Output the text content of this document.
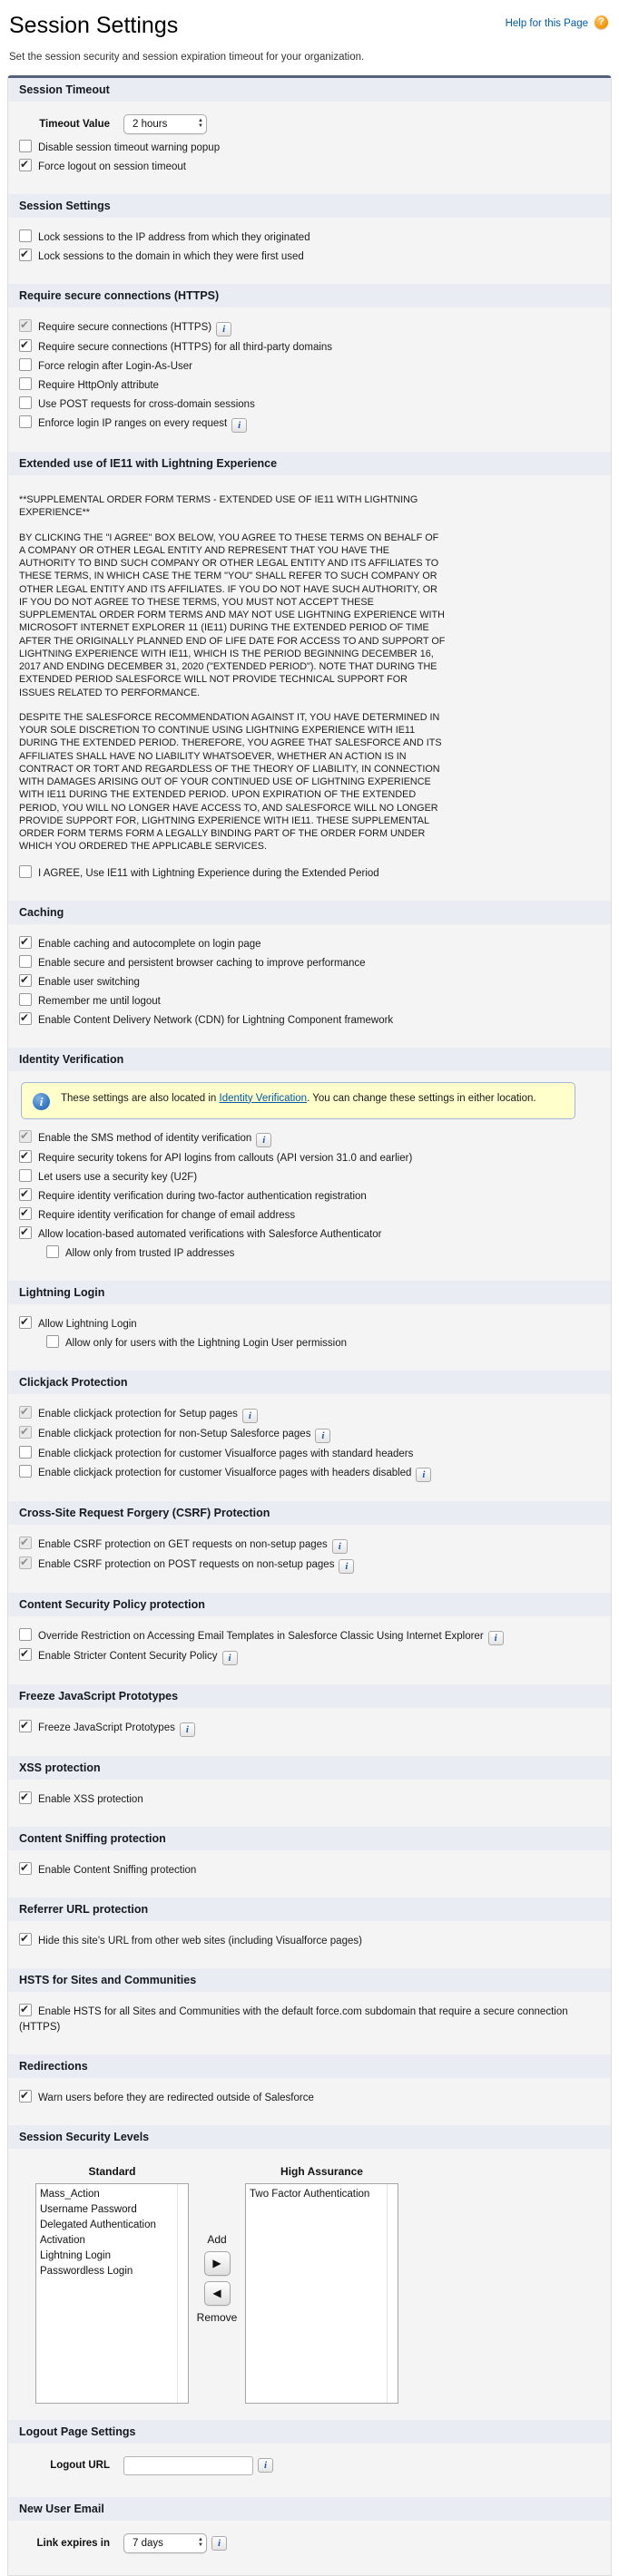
Session Settings	Help for this Page	?
Set the session security and session expiration timeout for your organization.
Session Timeout
Timeout Value 2 hours	▲
▼
Disable session timeout warning popup
✔Force logout on session timeout
Session Settings
Lock sessions to the IP address from which they originated
✔Lock sessions to the domain in which they were first used
Require secure connections (HTTPS)
✔Require secure connections (HTTPS) i
✔Require secure connections (HTTPS) for all third-party domains
Force relogin after Login-As-User
Require HttpOnly attribute
Use POST requests for cross-domain sessions
Enforce login IP ranges on every request i
Extended use of IE11 with Lightning Experience
**SUPPLEMENTAL ORDER FORM TERMS - EXTENDED USE OF IE11 WITH LIGHTNING EXPERIENCE**
BY CLICKING THE "I AGREE" BOX BELOW, YOU AGREE TO THESE TERMS ON BEHALF OF A COMPANY OR OTHER LEGAL ENTITY AND REPRESENT THAT YOU HAVE THE AUTHORITY TO BIND SUCH COMPANY OR OTHER LEGAL ENTITY AND ITS AFFILIATES TO THESE TERMS, IN WHICH CASE THE TERM "YOU" SHALL REFER TO SUCH COMPANY OR OTHER LEGAL ENTITY AND ITS AFFILIATES. IF YOU DO NOT HAVE SUCH AUTHORITY, OR IF YOU DO NOT AGREE TO THESE TERMS, YOU MUST NOT ACCEPT THESE SUPPLEMENTAL ORDER FORM TERMS AND MAY NOT USE LIGHTNING EXPERIENCE WITH MICROSOFT INTERNET EXPLORER 11 (IE11) DURING THE EXTENDED PERIOD OF TIME AFTER THE ORIGINALLY PLANNED END OF LIFE DATE FOR ACCESS TO AND SUPPORT OF LIGHTNING EXPERIENCE WITH IE11, WHICH IS THE PERIOD BEGINNING DECEMBER 16, 2017 AND ENDING DECEMBER 31, 2020 ("EXTENDED PERIOD"). NOTE THAT DURING THE EXTENDED PERIOD SALESFORCE WILL NOT PROVIDE TECHNICAL SUPPORT FOR ISSUES RELATED TO PERFORMANCE.
DESPITE THE SALESFORCE RECOMMENDATION AGAINST IT, YOU HAVE DETERMINED IN YOUR SOLE DISCRETION TO CONTINUE USING LIGHTNING EXPERIENCE WITH IE11 DURING THE EXTENDED PERIOD. THEREFORE, YOU AGREE THAT SALESFORCE AND ITS AFFILIATES SHALL HAVE NO LIABILITY WHATSOEVER, WHETHER AN ACTION IS IN CONTRACT OR TORT AND REGARDLESS OF THE THEORY OF LIABILITY, IN CONNECTION WITH DAMAGES ARISING OUT OF YOUR CONTINUED USE OF LIGHTNING EXPERIENCE WITH IE11 DURING THE EXTENDED PERIOD. UPON EXPIRATION OF THE EXTENDED PERIOD, YOU WILL NO LONGER HAVE ACCESS TO, AND SALESFORCE WILL NO LONGER PROVIDE SUPPORT FOR, LIGHTNING EXPERIENCE WITH IE11. THESE SUPPLEMENTAL ORDER FORM TERMS FORM A LEGALLY BINDING PART OF THE ORDER FORM UNDER WHICH YOU ORDERED THE APPLICABLE SERVICES.
I AGREE, Use IE11 with Lightning Experience during the Extended Period
Caching
✔Enable caching and autocomplete on login page
Enable secure and persistent browser caching to improve performance
✔Enable user switching
Remember me until logout
✔Enable Content Delivery Network (CDN) for Lightning Component framework
Identity Verification
i	These settings are also located in Identity Verification. You can change these settings in either location.
✔Enable the SMS method of identity verification i
✔Require security tokens for API logins from callouts (API version 31.0 and earlier)
Let users use a security key (U2F)
✔Require identity verification during two-factor authentication registration
✔Require identity verification for change of email address
✔Allow location-based automated verifications with Salesforce Authenticator
Allow only from trusted IP addresses
Lightning Login
✔Allow Lightning Login
Allow only for users with the Lightning Login User permission
Clickjack Protection
✔Enable clickjack protection for Setup pages i
✔Enable clickjack protection for non-Setup Salesforce pages i
Enable clickjack protection for customer Visualforce pages with standard headers
Enable clickjack protection for customer Visualforce pages with headers disabled i
Cross-Site Request Forgery (CSRF) Protection
✔Enable CSRF protection on GET requests on non-setup pages i
✔Enable CSRF protection on POST requests on non-setup pages i
Content Security Policy protection
Override Restriction on Accessing Email Templates in Salesforce Classic Using Internet Explorer i
✔Enable Stricter Content Security Policy i
Freeze JavaScript Prototypes
✔Freeze JavaScript Prototypes i
XSS protection
✔Enable XSS protection
Content Sniffing protection
✔Enable Content Sniffing protection
Referrer URL protection
✔Hide this site's URL from other web sites (including Visualforce pages)
HSTS for Sites and Communities
✔Enable HSTS for all Sites and Communities with the default force.com subdomain that require a secure connection (HTTPS)
Redirections
✔Warn users before they are redirected outside of Salesforce
Session Security Levels
Standard
Mass_Action
Username Password
Delegated Authentication
Activation
Lightning Login
Passwordless Login
Add
▶
◀
Remove
High Assurance
Two Factor Authentication
Logout Page Settings
Logout URL	i
New User Email
Link expires in 7 days	▲
▼	i
